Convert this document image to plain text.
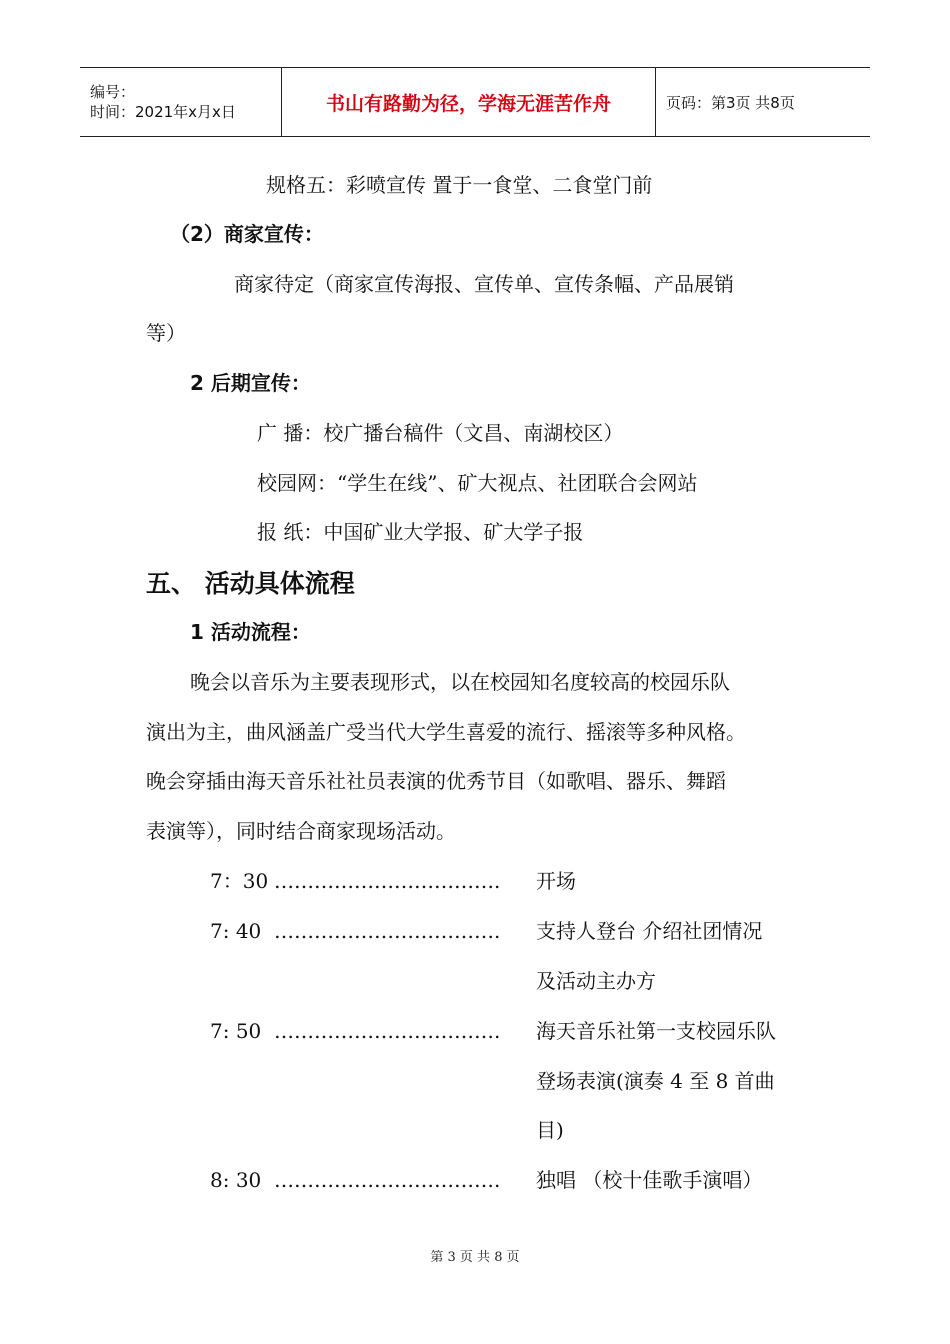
编号：
时间：2021年x月x日	书山有路勤为径，学海无涯苦作舟	页码：第3页 共8页
规格五：彩喷宣传 置于一食堂、二食堂门前
（2）商家宣传：
商家待定（商家宣传海报、宣传单、宣传条幅、产品展销
等）
2 后期宣传：
广 播：校广播台稿件（文昌、南湖校区）
校园网：“学生在线”、矿大视点、社团联合会网站
报 纸：中国矿业大学报、矿大学子报
五、 活动具体流程
1 活动流程：
晚会以音乐为主要表现形式，以在校园知名度较高的校园乐队
演出为主，曲风涵盖广受当代大学生喜爱的流行、摇滚等多种风格。
晚会穿插由海天音乐社社员表演的优秀节目（如歌唱、器乐、舞蹈
表演等），同时结合商家现场活动。
7：30 ……………………………. 开场
7: 40 ……………………………. 支持人登台 介绍社团情况
及活动主办方
7: 50 ……………………………. 海天音乐社第一支校园乐队
登场表演(演奏 4 至 8 首曲
目)
8: 30 ……………………………. 独唱 （校十佳歌手演唱）
第 3 页 共 8 页
